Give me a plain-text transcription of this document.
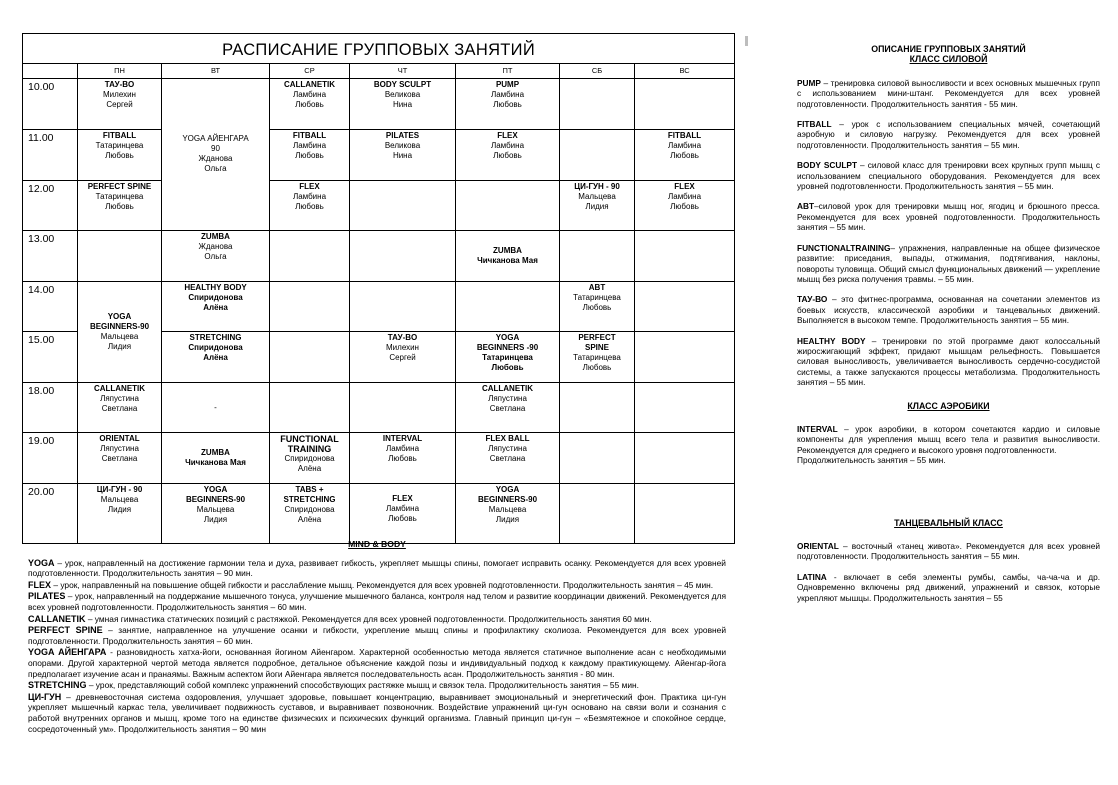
РАСПИСАНИЕ ГРУППОВЫХ ЗАНЯТИЙ							
	ПН	ВТ	СР	ЧТ	ПТ	СБ	ВС
10.00	ТАУ-BO
Милехин
Сергей	YOGA АЙЕНГАРА
90
Жданова
Ольга	CALLANETIK
Ламбина
Любовь	BODY SCULPT
Великова
Нина	PUMP
Ламбина
Любовь		

11.00	FITBALL
Татаринцева
Любовь		FITBALL
Ламбина
Любовь	PILATES
Великова
Нина	FLEX
Ламбина
Любовь		FITBALL
Ламбина
Любовь

12.00	PERFECT SPINE
Татаринцева
Любовь		FLEX
Ламбина
Любовь			ЦИ-ГУН - 90
Мальцева
Лидия	FLEX
Ламбина
Любовь

13.00		ZUMBA
Жданова
Ольга			ZUMBA
Чичканова Мая		

14.00	YOGA
BEGINNERS-90
Мальцева
Лидия	HEALTHY BODY
Спиридонова
Алёна				ABT
Татаринцева
Любовь	

15.00		STRETCHING
Спиридонова
Алёна		ТАУ-BO
Милехин
Сергей	YOGA
BEGINNERS -90
Татаринцева
Любовь	PERFECT
SPINE
Татаринцева
Любовь	

18.00	CALLANETIK
Ляпустина
Светлана	-			CALLANETIK
Ляпустина
Светлана		

19.00	ORIENTAL
Ляпустина
Светлана	ZUMBA
Чичканова Мая	FUNCTIONAL
TRAINING
Спиридонова
Алёна	INTERVAL
Ламбина
Любовь	FLEX BALL
Ляпустина
Светлана		

20.00	ЦИ-ГУН - 90
Мальцева
Лидия	YOGA
BEGINNERS-90
Мальцева
Лидия	TABS +
STRETCHING
Спиридонова
Алёна	FLEX
Ламбина
Любовь	YOGA
BEGINNERS-90
Мальцева
Лидия		

MIND & BODY

YOGA – урок, направленный на достижение гармонии тела и духа, развивает гибкость, укрепляет мышцы спины, помогает исправить осанку. Рекомендуется для всех уровней подготовленности. Продолжительность занятия – 90 мин.

FLEX – урок, направленный на повышение общей гибкости и расслабление мышц. Рекомендуется для всех уровней подготовленности. Продолжительность занятия – 45 мин.

PILATES – урок, направленный на поддержание мышечного тонуса, улучшение мышечного баланса, контроля над телом и развитие координации движений. Рекомендуется для всех уровней подготовленности. Продолжительность занятия – 60 мин.

CALLANETIK – умная гимнастика статических позиций с растяжкой. Рекомендуется для всех уровней подготовленности. Продолжительность занятия 60 мин.

PERFECT SPINE – занятие, направленное на улучшение осанки и гибкости, укрепление мышц спины и профилактику сколиоза. Рекомендуется для всех уровней подготовленности. Продолжительность занятия – 60 мин.

YOGA АЙЕНГАРА - разновидность хатха-йоги, основанная йогином Айенгаром. Характерной особенностью метода является статичное выполнение асан с необходимыми опорами. Другой характерной чертой метода является подробное, детальное объяснение каждой позы и индивидуальный подход к каждому практикующему. Айенгар-йога предполагает изучение асан и пранаямы. Важным аспектом йоги Айенгара является последовательность асан. Продолжительность занятия - 80 мин.

STRETCHING – урок, представляющий собой комплекс упражнений способствующих растяжке мышц и связок тела. Продолжительность занятия – 55 мин.

ЦИ-ГУН – древневосточная система оздоровления, улучшает здоровье, повышает концентрацию, выравнивает эмоциональный и энергетический фон. Практика ци-гун укрепляет мышечный каркас тела, увеличивает подвижность суставов, и выравнивает позвоночник. Воздействие упражнений ци-гун основано на связи воли и сознания с работой внутренних органов и мышц, кроме того на единстве физических и психических функций организма. Главный принцип ци-гун – «Безмятежное и спокойное сердце, сосредоточенный ум». Продолжительность занятия – 90 мин

ОПИСАНИЕ ГРУППОВЫХ ЗАНЯТИЙ

КЛАСС СИЛОВОЙ

PUMP – тренировка силовой выносливости и всех основных мышечных групп с использованием мини-штанг. Рекомендуется для всех уровней подготовленности. Продолжительность занятия - 55 мин.

FITBALL – урок с использованием специальных мячей, сочетающий аэробную и силовую нагрузку. Рекомендуется для всех уровней подготовленности. Продолжительность занятия – 55 мин.

BODY SCULPT – силовой класс для тренировки всех крупных групп мышц с использованием специального оборудования. Рекомендуется для всех уровней подготовленности. Продолжительность занятия – 55 мин.

ABT–силовой урок для тренировки мышц ног, ягодиц и брюшного пресса. Рекомендуется для всех уровней подготовленности. Продолжительность занятия – 55 мин.

FUNCTIONALTRAINING– упражнения, направленные на общее физическое развитие: приседания, выпады, отжимания, подтягивания, наклоны, повороты туловища. Общий смысл функциональных движений — укрепление мышц без риска получения травмы. – 55 мин.

ТАУ-ВО – это фитнес-программа, основанная на сочетании элементов из боевых искусств, классической аэробики и танцевальных движений. Выполняется в высоком темпе. Продолжительность занятия – 55 мин.

HEALTHY BODY – тренировки по этой программе дают колоссальный жиросжигающий эффект, придают мышцам рельефность. Повышается силовая выносливость, увеличивается выносливость сердечно-сосудистой системы, а также запускаются процессы метаболизма. Продолжительность занятия – 55 мин.

КЛАСС АЭРОБИКИ

INTERVAL – урок аэробики, в котором сочетаются кардио и силовые компоненты для укрепления мышц всего тела и развития выносливости. Рекомендуется для среднего и высокого уровня подготовленности.

Продолжительность занятия – 55 мин.

ТАНЦЕВАЛЬНЫЙ КЛАСС

ORIENTAL – восточный «танец живота». Рекомендуется для всех уровней подготовленности. Продолжительность занятия – 55 мин.

LATINA - включает в себя элементы румбы, самбы, ча-ча-ча и др. Одновременно включены ряд движений, упражнений и связок, которые укрепляют мышцы. Продолжительность занятия – 55
